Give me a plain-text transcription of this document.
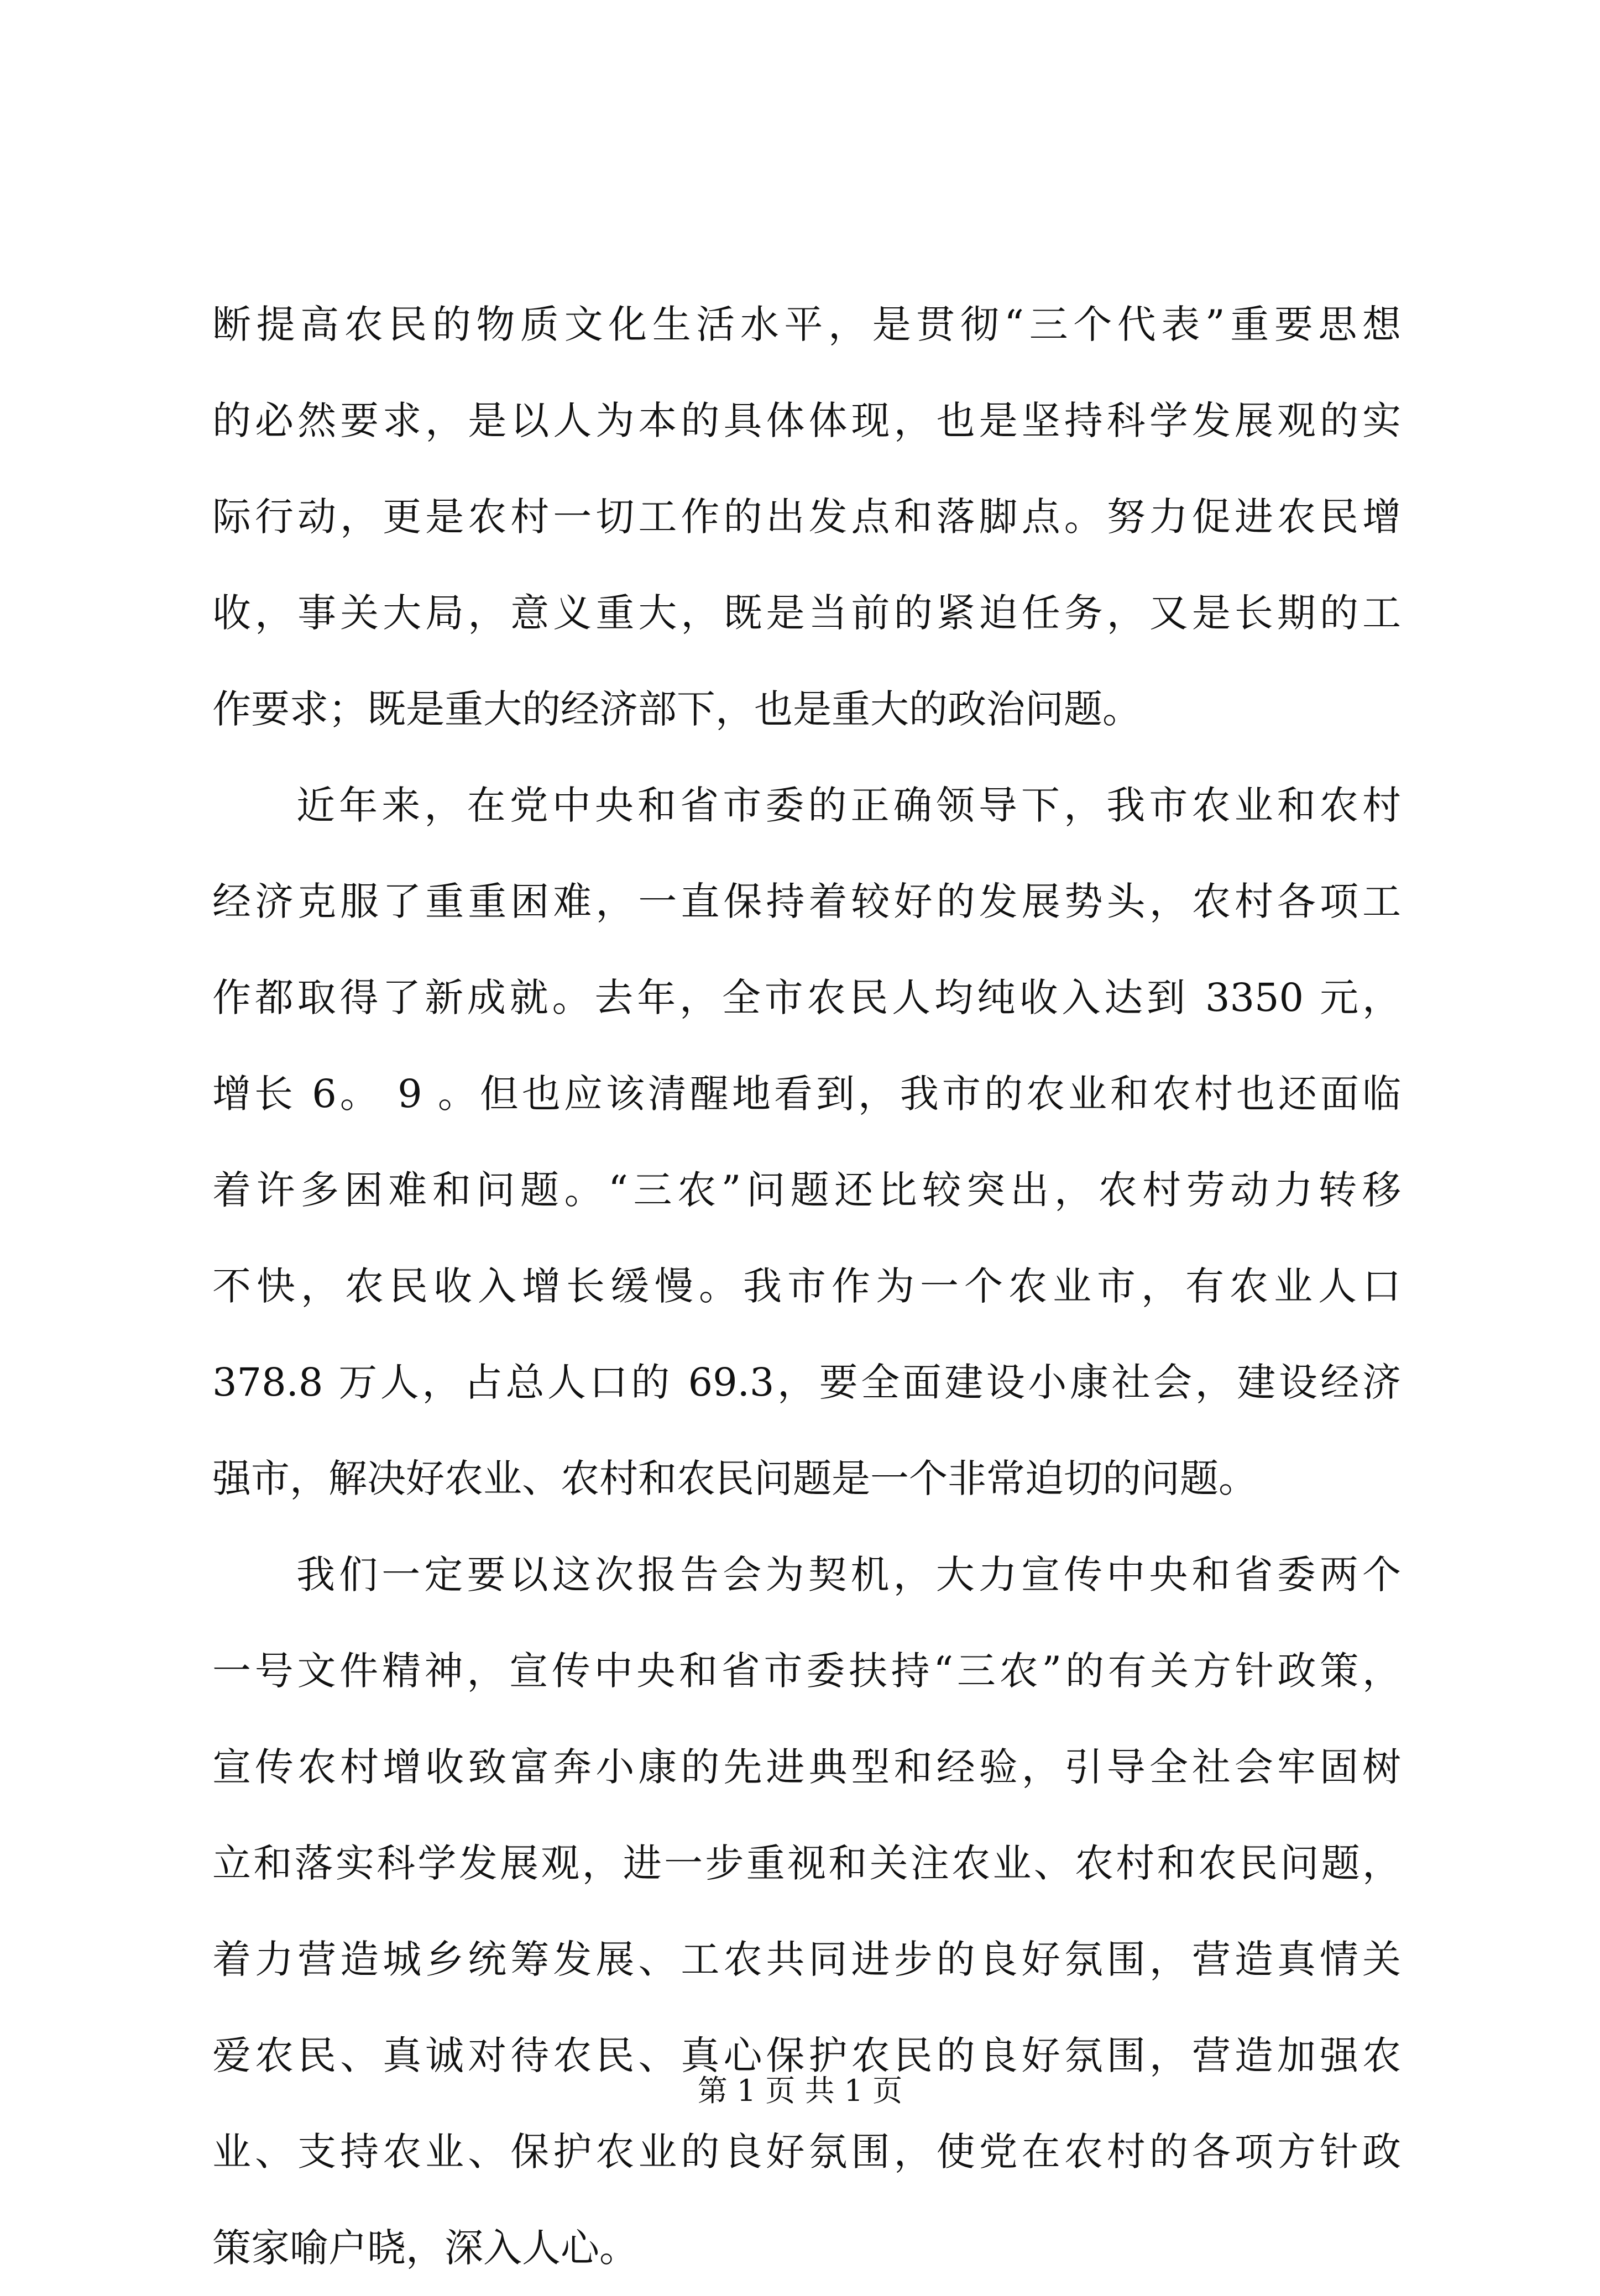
断提高农民的物质文化生活水平，是贯彻“三个代表”重要思想
的必然要求，是以人为本的具体体现，也是坚持科学发展观的实
际行动，更是农村一切工作的出发点和落脚点。努力促进农民增
收，事关大局，意义重大，既是当前的紧迫任务，又是长期的工
作要求；既是重大的经济部下，也是重大的政治问题。
近年来，在党中央和省市委的正确领导下，我市农业和农村
经济克服了重重困难，一直保持着较好的发展势头，农村各项工
作都取得了新成就。去年，全市农民人均纯收入达到 3350 元，
增长 6。 9 。但也应该清醒地看到，我市的农业和农村也还面临
着许多困难和问题。“三农”问题还比较突出，农村劳动力转移
不快，农民收入增长缓慢。我市作为一个农业市，有农业人口
378.8 万人，占总人口的 69.3，要全面建设小康社会，建设经济
强市，解决好农业、农村和农民问题是一个非常迫切的问题。
我们一定要以这次报告会为契机，大力宣传中央和省委两个
一号文件精神，宣传中央和省市委扶持“三农”的有关方针政策，
宣传农村增收致富奔小康的先进典型和经验，引导全社会牢固树
立和落实科学发展观，进一步重视和关注农业、农村和农民问题，
着力营造城乡统筹发展、工农共同进步的良好氛围，营造真情关
爱农民、真诚对待农民、真心保护农民的良好氛围，营造加强农
业、支持农业、保护农业的良好氛围，使党在农村的各项方针政
策家喻户晓，深入人心。
第 1 页 共 1 页
